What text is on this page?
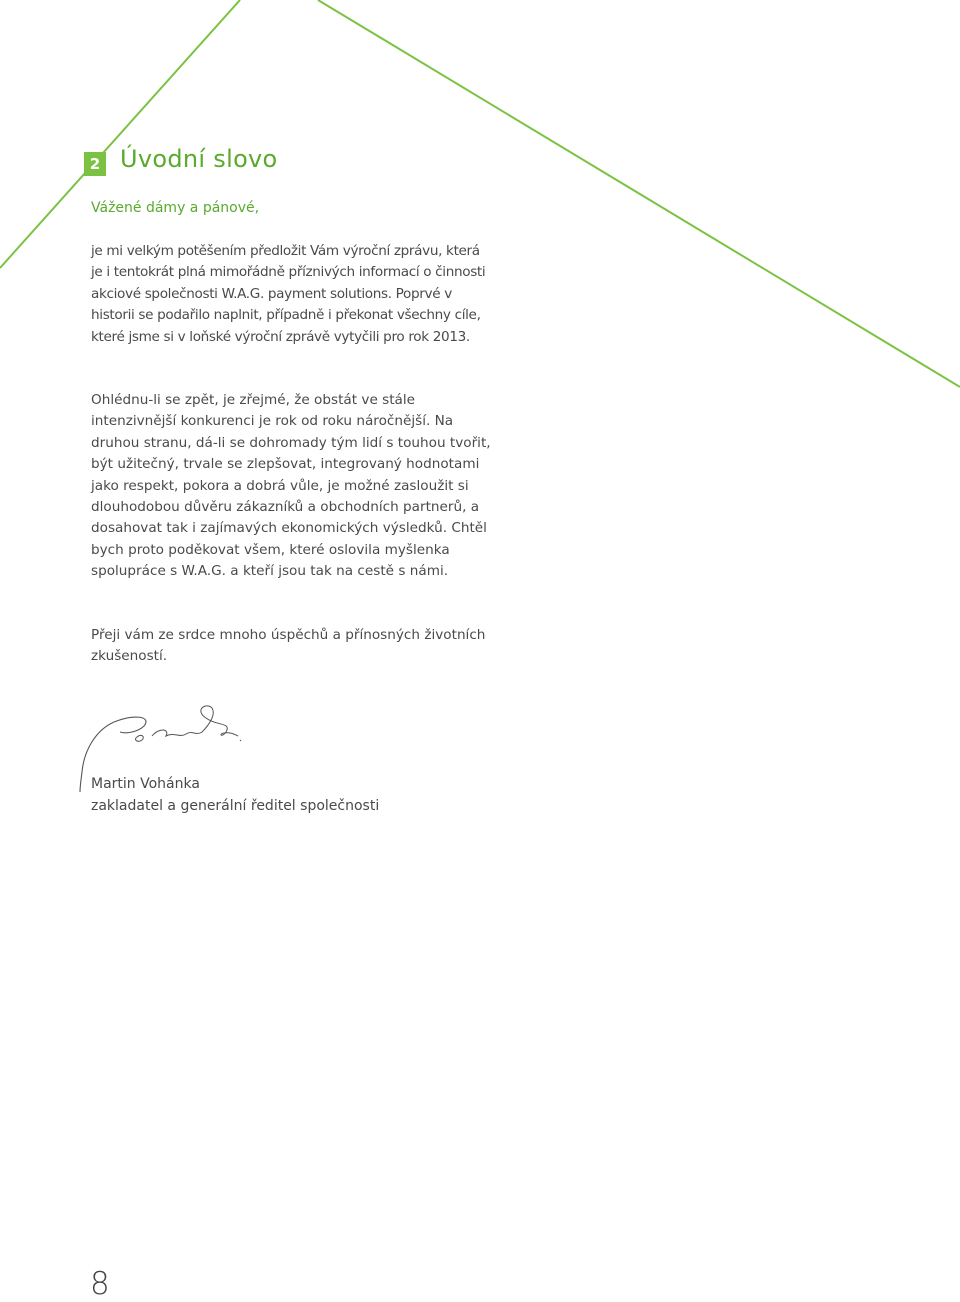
2 Úvodní slovo

Vážené dámy a pánové,

je mi velkým potěšením předložit Vám výroční zprávu, která je i tentokrát plná mimořádně příznivých informací o činnosti akciové společnosti W.A.G. payment solutions. Poprvé v historii se podařilo naplnit, případně i překonat všechny cíle, které jsme si v loňské výroční zprávě vytyčili pro rok 2013.

Ohlédnu-li se zpět, je zřejmé, že obstát ve stále intenzivnější konkurenci je rok od roku náročnější. Na druhou stranu, dá-li se dohromady tým lidí s touhou tvořit, být užitečný, trvale se zlepšovat, integrovaný hodnotami jako respekt, pokora a dobrá vůle, je možné zasloužit si dlouhodobou důvěru zákazníků a obchodních partnerů, a dosahovat tak i zajímavých ekonomických výsledků. Chtěl bych proto poděkovat všem, které oslovila myšlenka spolupráce s W.A.G. a kteří jsou tak na cestě s námi.

Přeji vám ze srdce mnoho úspěchů a přínosných životních zkušeností.

Martin Vohánka

zakladatel a generální ředitel společnosti

8
